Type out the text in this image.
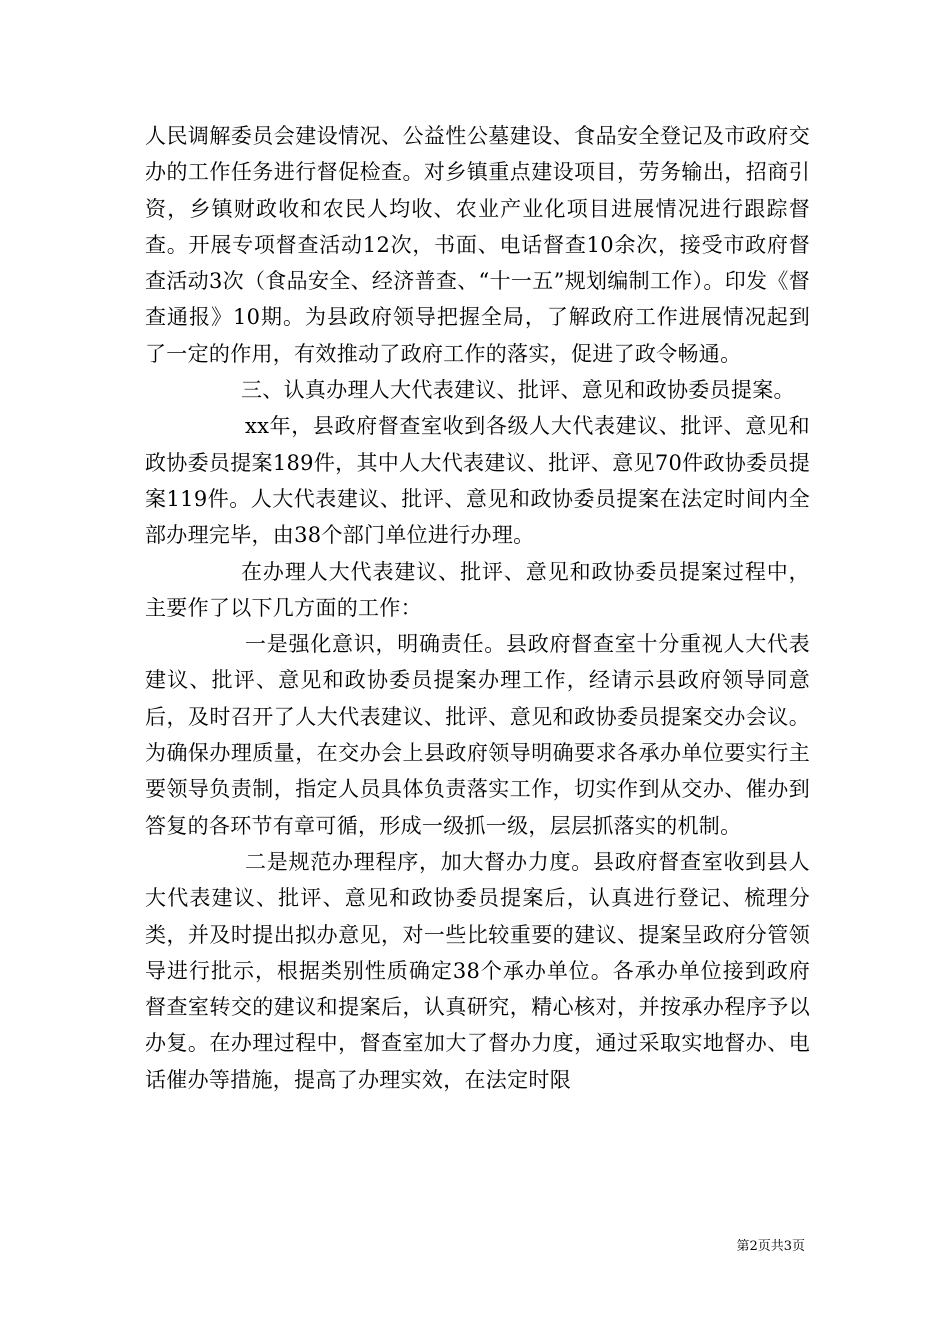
人民调解委员会建设情况、公益性公墓建设、食品安全登记及市政府交办的工作任务进行督促检查。对乡镇重点建设项目，劳务输出，招商引资，乡镇财政收和农民人均收、农业产业化项目进展情况进行跟踪督查。开展专项督查活动12次，书面、电话督查10余次，接受市政府督查活动3次（食品安全、经济普查、“十一五”规划编制工作）。印发《督查通报》10期。为县政府领导把握全局，了解政府工作进展情况起到了一定的作用，有效推动了政府工作的落实，促进了政令畅通。

三、认真办理人大代表建议、批评、意见和政协委员提案。

xx年，县政府督查室收到各级人大代表建议、批评、意见和政协委员提案189件，其中人大代表建议、批评、意见70件政协委员提案119件。人大代表建议、批评、意见和政协委员提案在法定时间内全部办理完毕，由38个部门单位进行办理。

在办理人大代表建议、批评、意见和政协委员提案过程中，主要作了以下几方面的工作：

一是强化意识，明确责任。县政府督查室十分重视人大代表建议、批评、意见和政协委员提案办理工作，经请示县政府领导同意后，及时召开了人大代表建议、批评、意见和政协委员提案交办会议。为确保办理质量，在交办会上县政府领导明确要求各承办单位要实行主要领导负责制，指定人员具体负责落实工作，切实作到从交办、催办到答复的各环节有章可循，形成一级抓一级，层层抓落实的机制。

二是规范办理程序，加大督办力度。县政府督查室收到县人大代表建议、批评、意见和政协委员提案后，认真进行登记、梳理分类，并及时提出拟办意见，对一些比较重要的建议、提案呈政府分管领导进行批示，根据类别性质确定38个承办单位。各承办单位接到政府督查室转交的建议和提案后，认真研究，精心核对，并按承办程序予以办复。在办理过程中，督查室加大了督办力度，通过采取实地督办、电话催办等措施，提高了办理实效，在法定时限

第2页共3页
